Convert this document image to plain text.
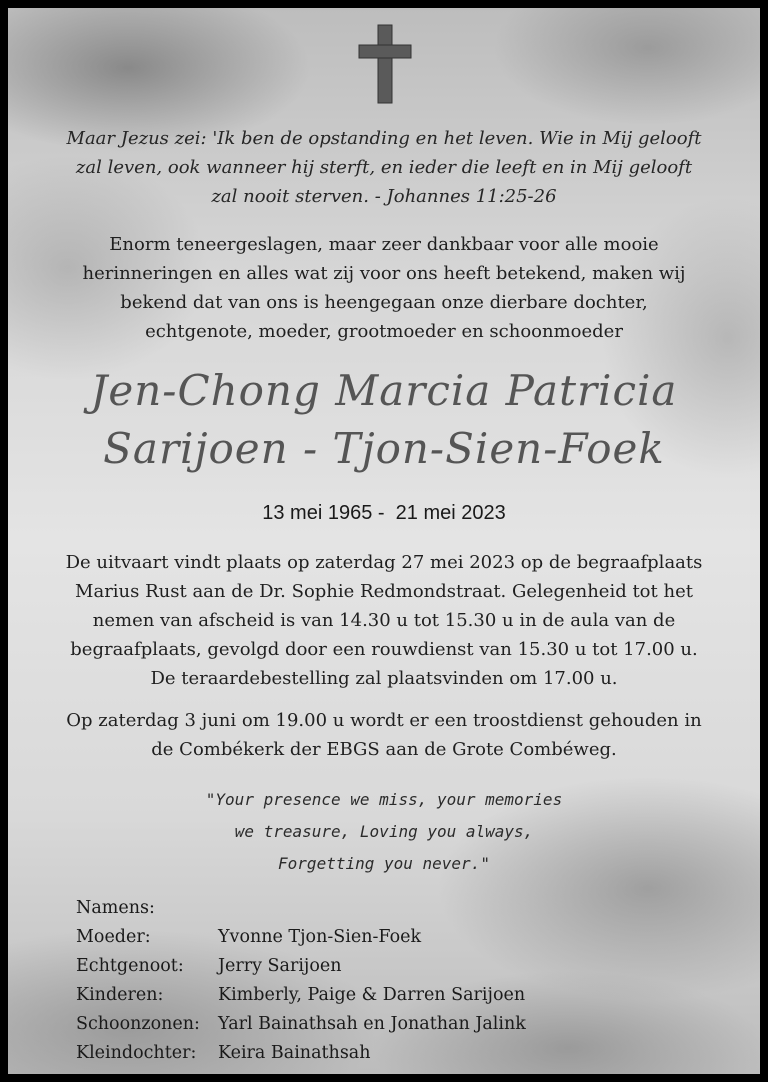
Maar Jezus zei: 'Ik ben de opstanding en het leven. Wie in Mij gelooft
zal leven, ook wanneer hij sterft, en ieder die leeft en in Mij gelooft
zal nooit sterven. - Johannes 11:25-26
Enorm teneergeslagen, maar zeer dankbaar voor alle mooie
herinneringen en alles wat zij voor ons heeft betekend, maken wij
bekend dat van ons is heengegaan onze dierbare dochter,
echtgenote, moeder, grootmoeder en schoonmoeder
Jen-Chong Marcia Patricia
Sarijoen - Tjon-Sien-Foek
13 mei 1965 -  21 mei 2023
De uitvaart vindt plaats op zaterdag 27 mei 2023 op de begraafplaats
Marius Rust aan de Dr. Sophie Redmondstraat. Gelegenheid tot het
nemen van afscheid is van 14.30 u tot 15.30 u in de aula van de
begraafplaats, gevolgd door een rouwdienst van 15.30 u tot 17.00 u.
De teraardebestelling zal plaatsvinden om 17.00 u.
Op zaterdag 3 juni om 19.00 u wordt er een troostdienst gehouden in
de Combékerk der EBGS aan de Grote Combéweg.
"Your presence we miss, your memories
we treasure, Loving you always,
Forgetting you never."
Namens:
Moeder:	Yvonne Tjon-Sien-Foek
Echtgenoot:	Jerry Sarijoen
Kinderen:	Kimberly, Paige & Darren Sarijoen
Schoonzonen:	Yarl Bainathsah en Jonathan Jalink
Kleindochter:	Keira Bainathsah
